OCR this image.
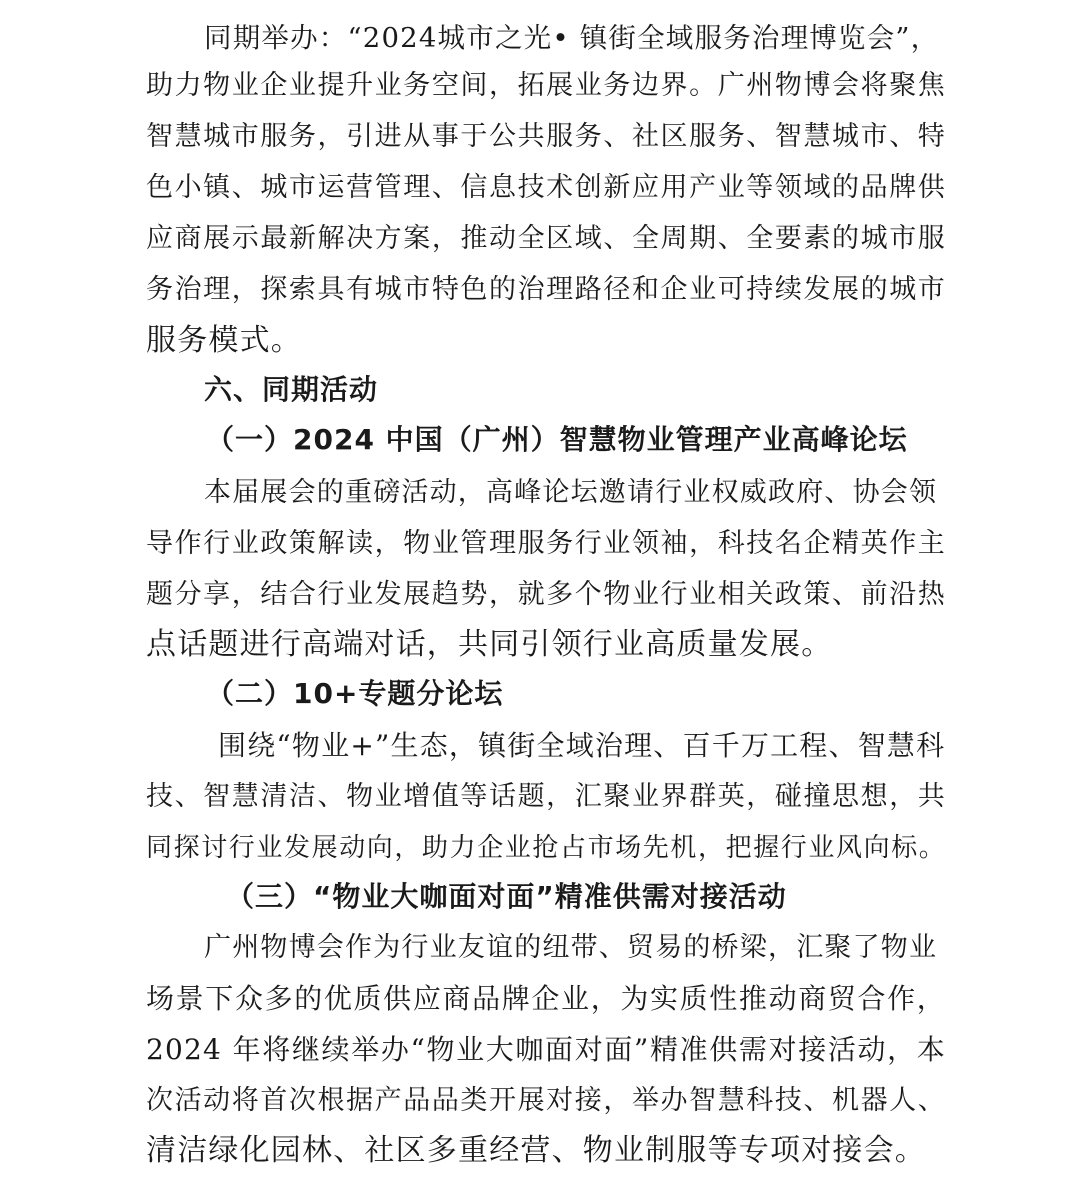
同期举办：“2024城市之光• 镇街全域服务治理博览会”，
助力物业企业提升业务空间，拓展业务边界。广州物博会将聚焦
智慧城市服务，引进从事于公共服务、社区服务、智慧城市、特
色小镇、城市运营管理、信息技术创新应用产业等领域的品牌供
应商展示最新解决方案，推动全区域、全周期、全要素的城市服
务治理，探索具有城市特色的治理路径和企业可持续发展的城市
服务模式。
六、同期活动
（一）2024 中国（广州）智慧物业管理产业高峰论坛
本届展会的重磅活动，高峰论坛邀请行业权威政府、协会领
导作行业政策解读，物业管理服务行业领袖，科技名企精英作主
题分享，结合行业发展趋势，就多个物业行业相关政策、前沿热
点话题进行高端对话，共同引领行业高质量发展。
（二）10+专题分论坛
围绕“物业+”生态，镇街全域治理、百千万工程、智慧科
技、智慧清洁、物业增值等话题，汇聚业界群英，碰撞思想，共
同探讨行业发展动向，助力企业抢占市场先机，把握行业风向标。
（三）“物业大咖面对面”精准供需对接活动
广州物博会作为行业友谊的纽带、贸易的桥梁，汇聚了物业
场景下众多的优质供应商品牌企业，为实质性推动商贸合作，
2024 年将继续举办“物业大咖面对面”精准供需对接活动，本
次活动将首次根据产品品类开展对接，举办智慧科技、机器人、
清洁绿化园林、社区多重经营、物业制服等专项对接会。
